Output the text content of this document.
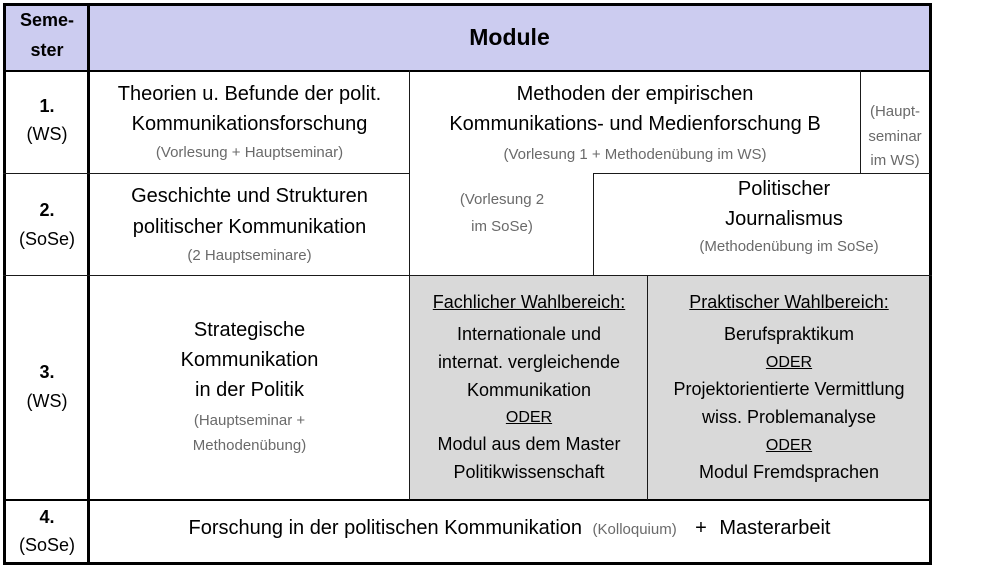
Seme-
ster	Module
1.
(WS)
2.
(SoSe)
3.
(WS)
4.
(SoSe)
Theorien u. Befunde der polit.
Kommunikationsforschung
(Vorlesung + Hauptseminar)
Methoden der empirischen
Kommunikations- und Medienforschung B
(Vorlesung 1 + Methodenübung im WS)
(Haupt-
seminar
im WS)
Geschichte und Strukturen
politischer Kommunikation
(2 Hauptseminare)
(Vorlesung 2
im SoSe)
Politischer
Journalismus
(Methodenübung im SoSe)
Strategische
Kommunikation
in der Politik
(Hauptseminar +
Methodenübung)
Fachlicher Wahlbereich:
Internationale und
internat. vergleichende
Kommunikation
ODER
Modul aus dem Master
Politikwissenschaft
Praktischer Wahlbereich:
Berufspraktikum
ODER
Projektorientierte Vermittlung
wiss. Problemanalyse
ODER
Modul Fremdsprachen
Forschung in der politischen Kommunikation (Kolloquium) + Masterarbeit
